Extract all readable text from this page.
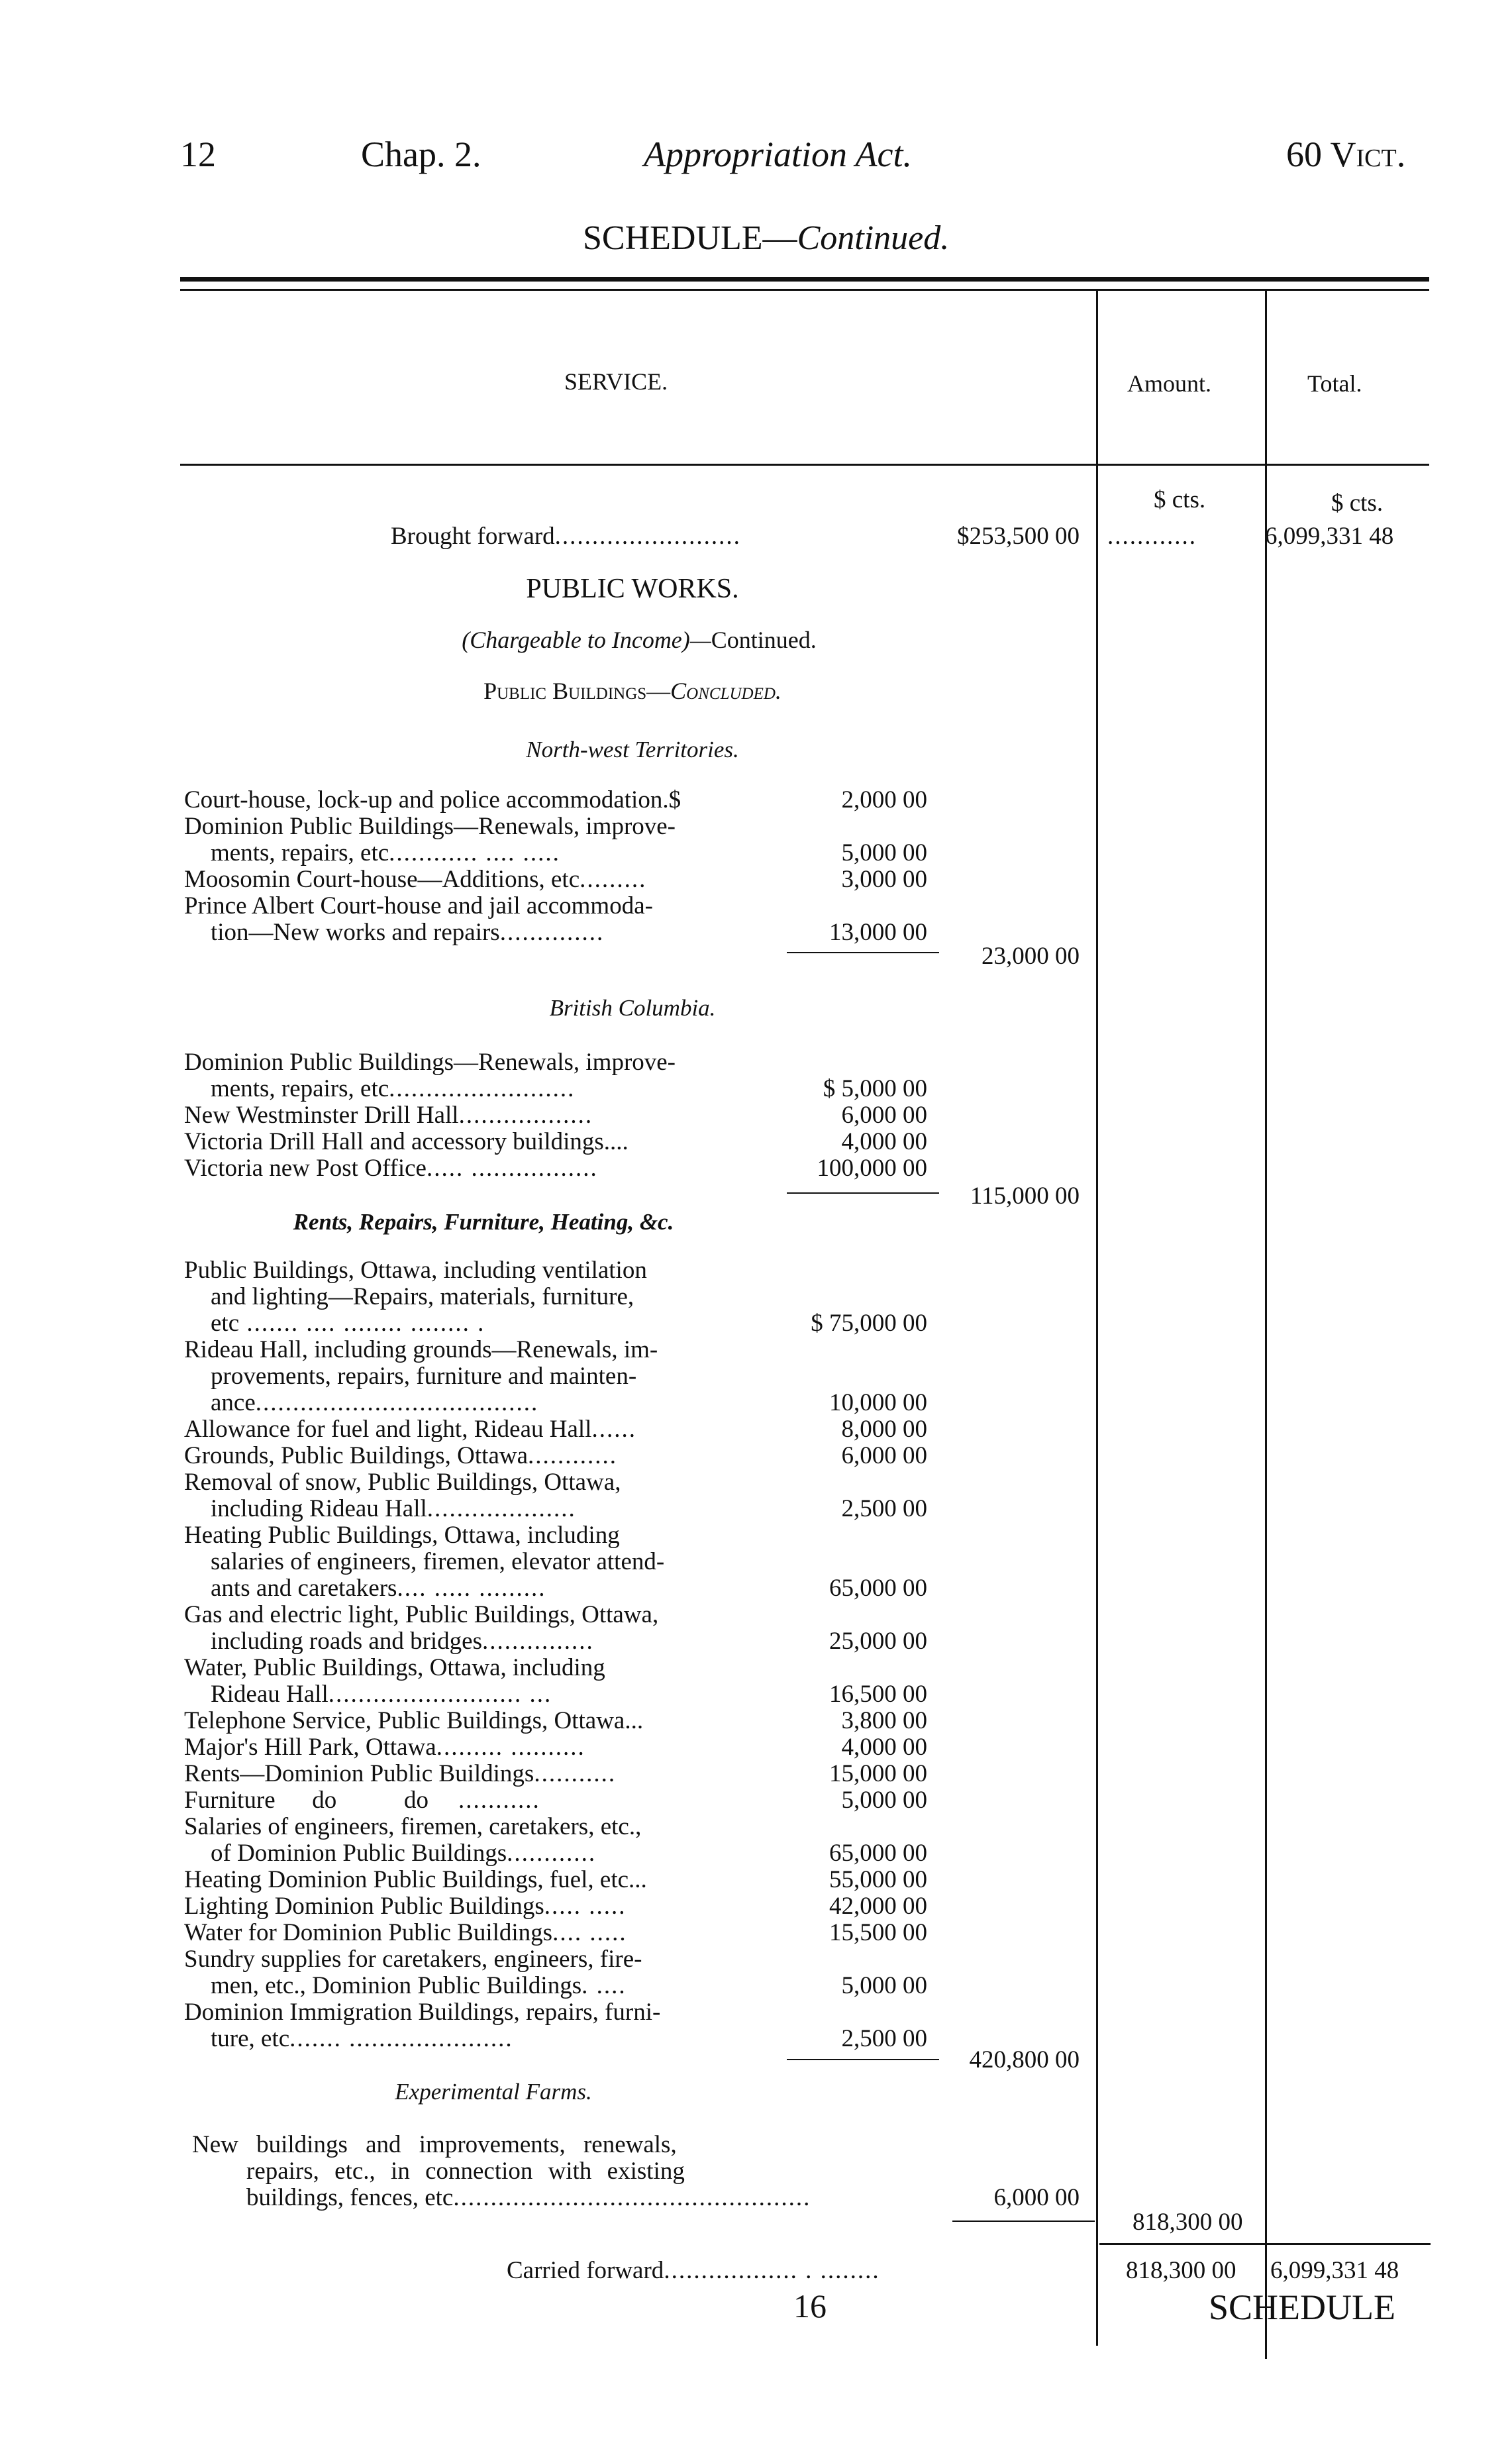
12	Chap. 2.	Appropriation Act.	60 Vict.
SCHEDULE—Continued.
SERVICE.	Amount.	Total.
$ cts.	$ cts.
Brought forward.........................	$253,500 00 ............	6,099,331 48
PUBLIC WORKS.
(Chargeable to Income)—Continued.
Public Buildings—Concluded.
North-west Territories.
Court-house, lock-up and police accommodation.$	2,000 00
Dominion Public Buildings—Renewals, improve-
ments, repairs, etc............ .... .....	5,000 00
Moosomin Court-house—Additions, etc.........	3,000 00
Prince Albert Court-house and jail accommoda-
tion—New works and repairs..............	13,000 00
23,000 00
British Columbia.
Dominion Public Buildings—Renewals, improve-
ments, repairs, etc.........................	$ 5,000 00
New Westminster Drill Hall..................	6,000 00
Victoria Drill Hall and accessory buildings....	4,000 00
Victoria new Post Office..... .................	100,000 00
115,000 00
Rents, Repairs, Furniture, Heating, &c.
Public Buildings, Ottawa, including ventilation
and lighting—Repairs, materials, furniture,
etc ....... .... ........ ........ .	$ 75,000 00
Rideau Hall, including grounds—Renewals, im-
provements, repairs, furniture and mainten-
ance......................................	10,000 00
Allowance for fuel and light, Rideau Hall......	8,000 00
Grounds, Public Buildings, Ottawa............	6,000 00
Removal of snow, Public Buildings, Ottawa,
including Rideau Hall....................	2,500 00
Heating Public Buildings, Ottawa, including
salaries of engineers, firemen, elevator attend-
ants and caretakers.... ..... .........	65,000 00
Gas and electric light, Public Buildings, Ottawa,
including roads and bridges...............	25,000 00
Water, Public Buildings, Ottawa, including
Rideau Hall.......................... ...	16,500 00
Telephone Service, Public Buildings, Ottawa...	3,800 00
Major's Hill Park, Ottawa......... ..........	4,000 00
Rents—Dominion Public Buildings...........	15,000 00
Furniture      do           do    ...........	5,000 00
Salaries of engineers, firemen, caretakers, etc.,
of Dominion Public Buildings............	65,000 00
Heating Dominion Public Buildings, fuel, etc...	55,000 00
Lighting Dominion Public Buildings..... .....	42,000 00
Water for Dominion Public Buildings.... .....	15,500 00
Sundry supplies for caretakers, engineers, fire-
men, etc., Dominion Public Buildings. ....	5,000 00
Dominion Immigration Buildings, repairs, furni-
ture, etc....... ......................	2,500 00
420,800 00
Experimental Farms.
New buildings and improvements, renewals,
repairs, etc., in connection with existing
buildings, fences, etc................................................	6,000 00
818,300 00
Carried forward.................. . ........	818,300 00 6,099,331 48
16	SCHEDULE
